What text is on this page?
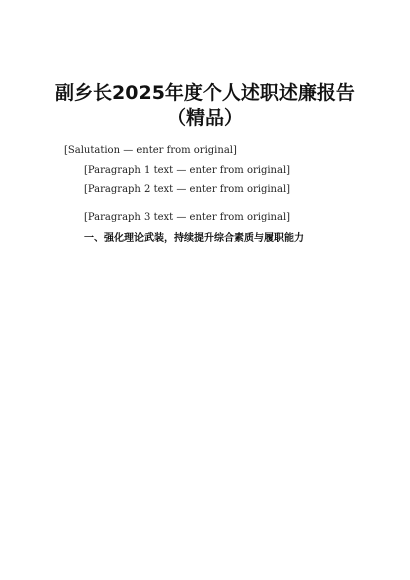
副乡长2025年度个人述职述廉报告
（精品）

[Salutation — enter from original]

[Paragraph 1 text — enter from original]

[Paragraph 2 text — enter from original]

[Paragraph 3 text — enter from original]

一、强化理论武装，持续提升综合素质与履职能力
